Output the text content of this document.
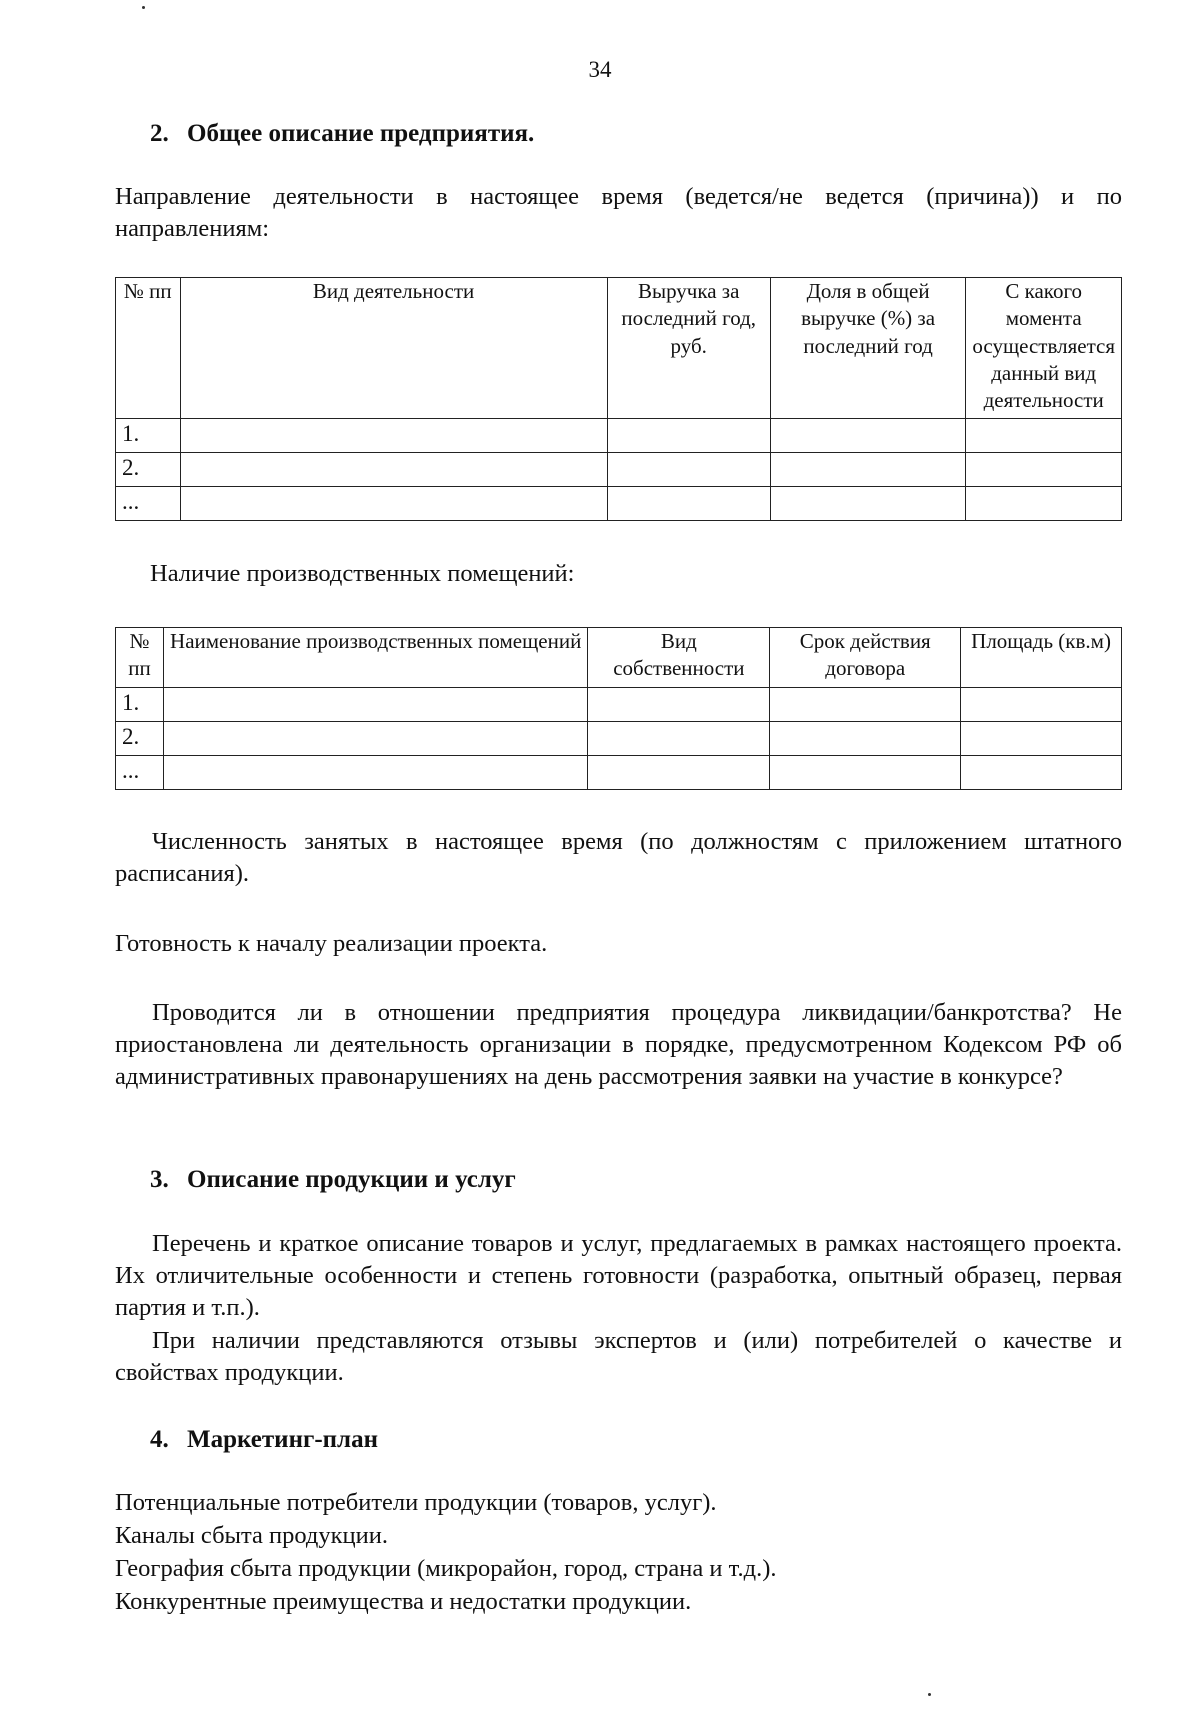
34
2. Общее описание предприятия.

Направление деятельности в настоящее время (ведется/не ведется (причина)) и по направлениям:

№ пп	Вид деятельности	Выручка за последний год, руб.	Доля в общей выручке (%) за последний год	С какого момента осуществляется данный вид деятельности
1.				
2.				
...				

Наличие производственных помещений:

№ пп	Наименование производственных помещений	Вид собственности	Срок действия договора	Площадь (кв.м)
1.				
2.				
...				

Численность занятых в настоящее время (по должностям с приложением штатного расписания).

Готовность к началу реализации проекта.

Проводится ли в отношении предприятия процедура ликвидации/банкротства? Не приостановлена ли деятельность организации в порядке, предусмотренном Кодексом РФ об административных правонарушениях на день рассмотрения заявки на участие в конкурсе?

3. Описание продукции и услуг

Перечень и краткое описание товаров и услуг, предлагаемых в рамках настоящего проекта. Их отличительные особенности и степень готовности (разработка, опытный образец, первая партия и т.п.).

При наличии представляются отзывы экспертов и (или) потребителей о качестве и свойствах продукции.

4. Маркетинг-план

Потенциальные потребители продукции (товаров, услуг).

Каналы сбыта продукции.

География сбыта продукции (микрорайон, город, страна и т.д.).

Конкурентные преимущества и недостатки продукции.
